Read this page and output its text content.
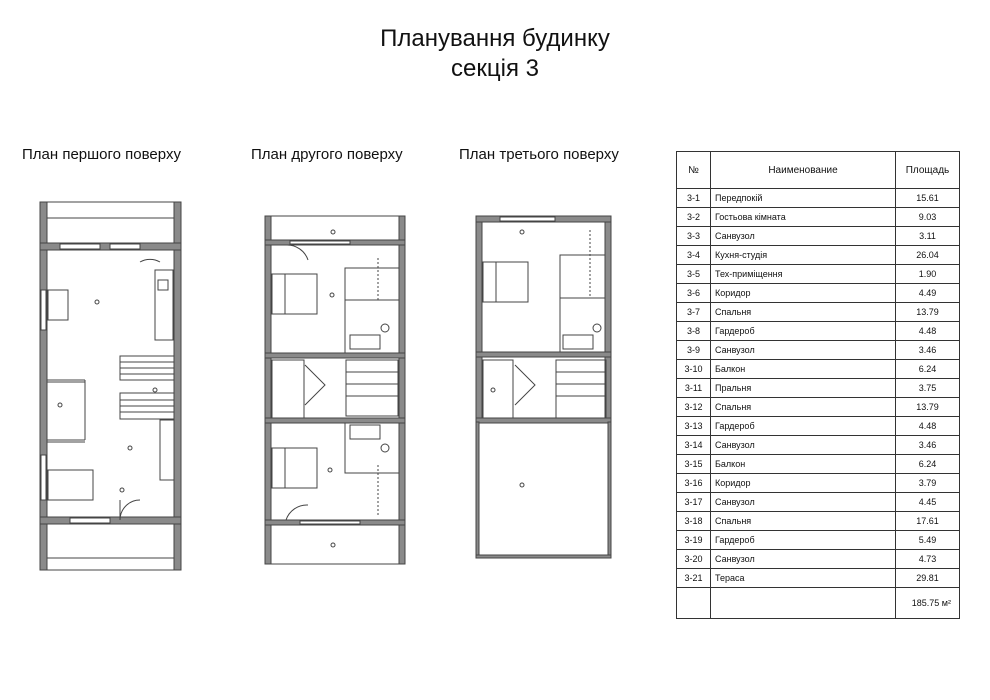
Планування будинку
секція 3
План першого поверху	План другого поверху	План третього поверху
№	Наименование	Площадь
3-1	Передпокій	15.61
3-2	Гостьова кімната	9.03
3-3	Санвузол	3.11
3-4	Кухня-студія	26.04
3-5	Тех-приміщення	1.90
3-6	Коридор	4.49
3-7	Спальня	13.79
3-8	Гардероб	4.48
3-9	Санвузол	3.46
3-10	Балкон	6.24
3-11	Пральня	3.75
3-12	Спальня	13.79
3-13	Гардероб	4.48
3-14	Санвузол	3.46
3-15	Балкон	6.24
3-16	Коридор	3.79
3-17	Санвузол	4.45
3-18	Спальня	17.61
3-19	Гардероб	5.49
3-20	Санвузол	4.73
3-21	Тераса	29.81
		185.75 м²
